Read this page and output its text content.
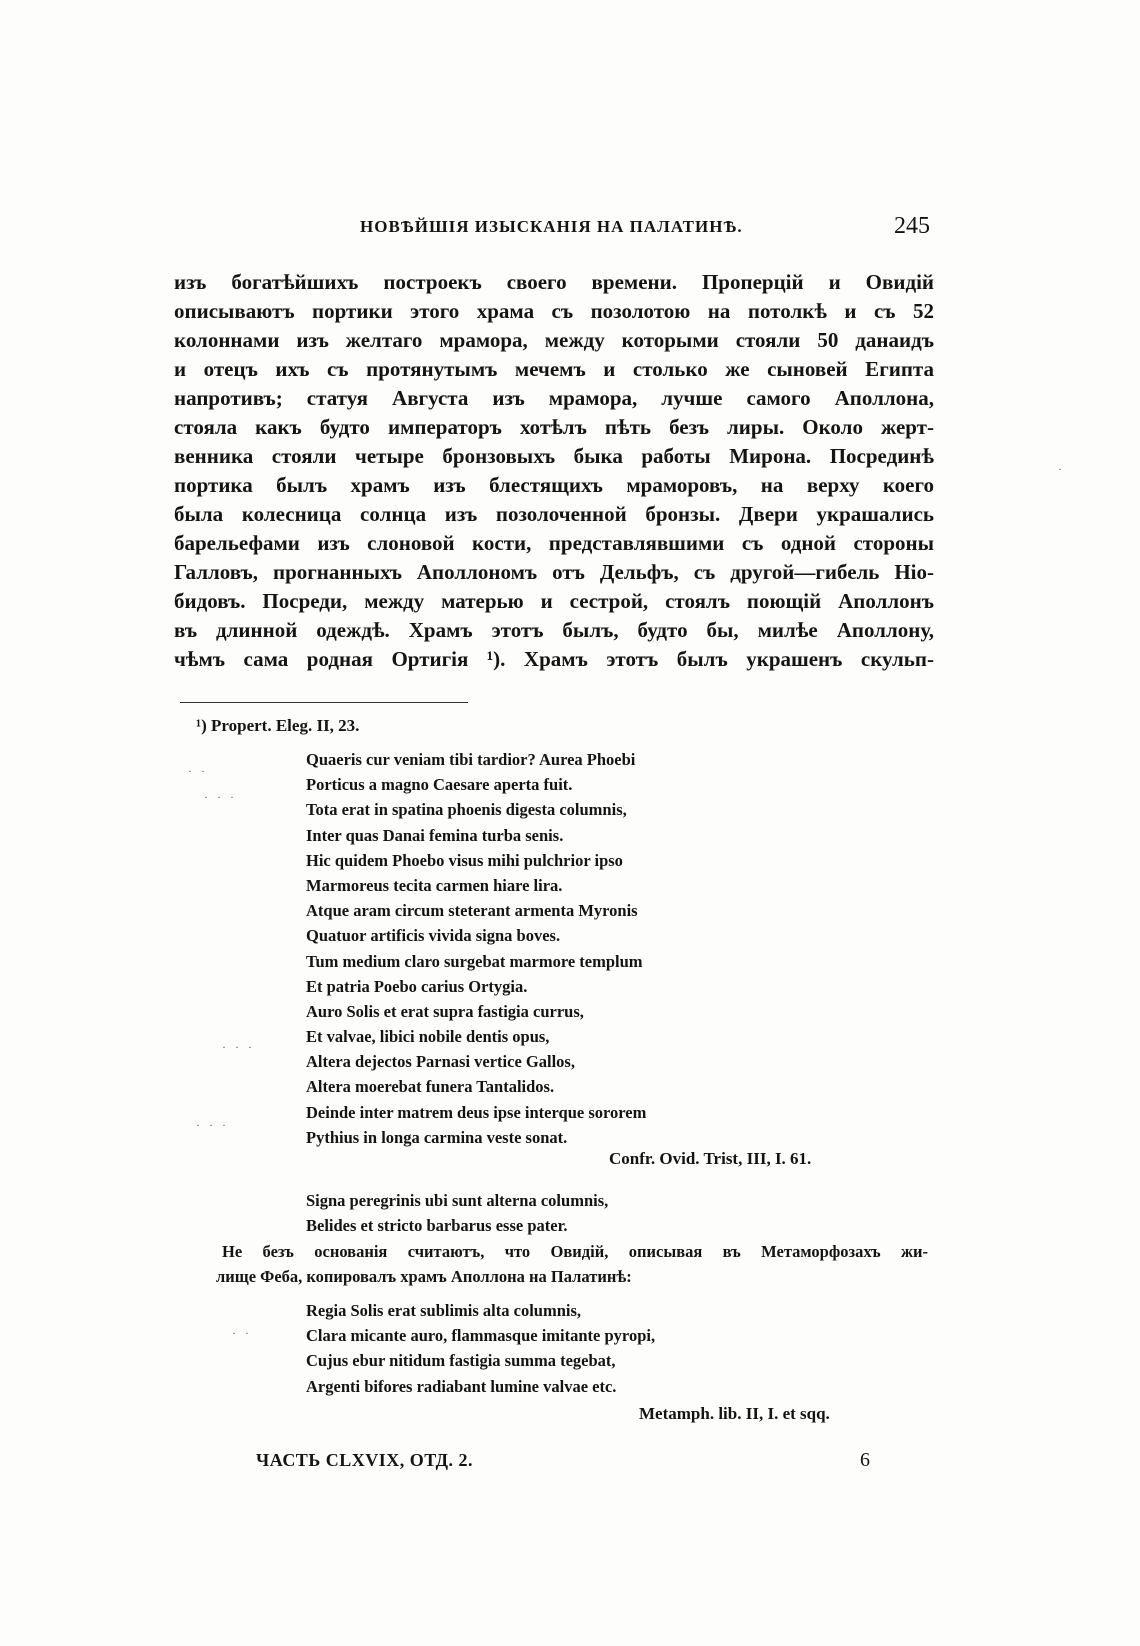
НОВѢЙШІЯ ИЗЫСКАНІЯ НА ПАЛАТИНѢ.	245
изъ богатѣйшихъ построекъ своего времени. Проперцій и Овидій
описываютъ портики этого храма съ позолотою на потолкѣ и съ 52
колоннами изъ желтаго мрамора, между которыми стояли 50 данаидъ
и отецъ ихъ съ протянутымъ мечемъ и столько же сыновей Египта
напротивъ; статуя Августа изъ мрамора, лучше самого Аполлона,
стояла какъ будто императоръ хотѣлъ пѣть безъ лиры. Около жерт-
венника стояли четыре бронзовыхъ быка работы Мирона. Посрединѣ
портика былъ храмъ изъ блестящихъ мраморовъ, на верху коего
была колесница солнца изъ позолоченной бронзы. Двери украшались
барельефами изъ слоновой кости, представлявшими съ одной стороны
Галловъ, прогнанныхъ Аполлономъ отъ Дельфъ, съ другой—гибель Ніо-
бидовъ. Посреди, между матерью и сестрой, стоялъ поющій Аполлонъ
въ длинной одеждѣ. Храмъ этотъ былъ, будто бы, милѣе Аполлону,
чѣмъ сама родная Ортигія ¹). Храмъ этотъ былъ украшенъ скульп-
¹) Propert. Eleg. II, 23.
Quaeris cur veniam tibi tardior? Aurea Phoebi
Porticus a magno Caesare aperta fuit.
Tota erat in spatina phoenis digesta columnis,
Inter quas Danai femina turba senis.
Hic quidem Phoebo visus mihi pulchrior ipso
Marmoreus tecita carmen hiare lira.
Atque aram circum steterant armenta Myronis
Quatuor artificis vivida signa boves.
Tum medium claro surgebat marmore templum
Et patria Poebo carius Ortygia.
Auro Solis et erat supra fastigia currus,
Et valvae, libici nobile dentis opus,
Altera dejectos Parnasi vertice Gallos,
Altera moerebat funera Tantalidos.
Deinde inter matrem deus ipse interque sororem
Pythius in longa carmina veste sonat.
Confr. Ovid. Trist, III, I. 61.
Signa peregrinis ubi sunt alterna columnis,
Belides et stricto barbarus esse pater.
Не безъ основанія считаютъ, что Овидій, описывая въ Метаморфозахъ жи-
лище Феба, копировалъ храмъ Аполлона на Палатинѣ:
Regia Solis erat sublimis alta columnis,
Clara micante auro, flammasque imitante pyropi,
Cujus ebur nitidum fastigia summa tegebat,
Argenti bifores radiabant lumine valvae etc.
Metamph. lib. II, I. et sqq.
ЧАСТЬ CLXVIX, ОТД. 2.	6
· ·
· · ·
· · ·
· · ·
· ·
·
